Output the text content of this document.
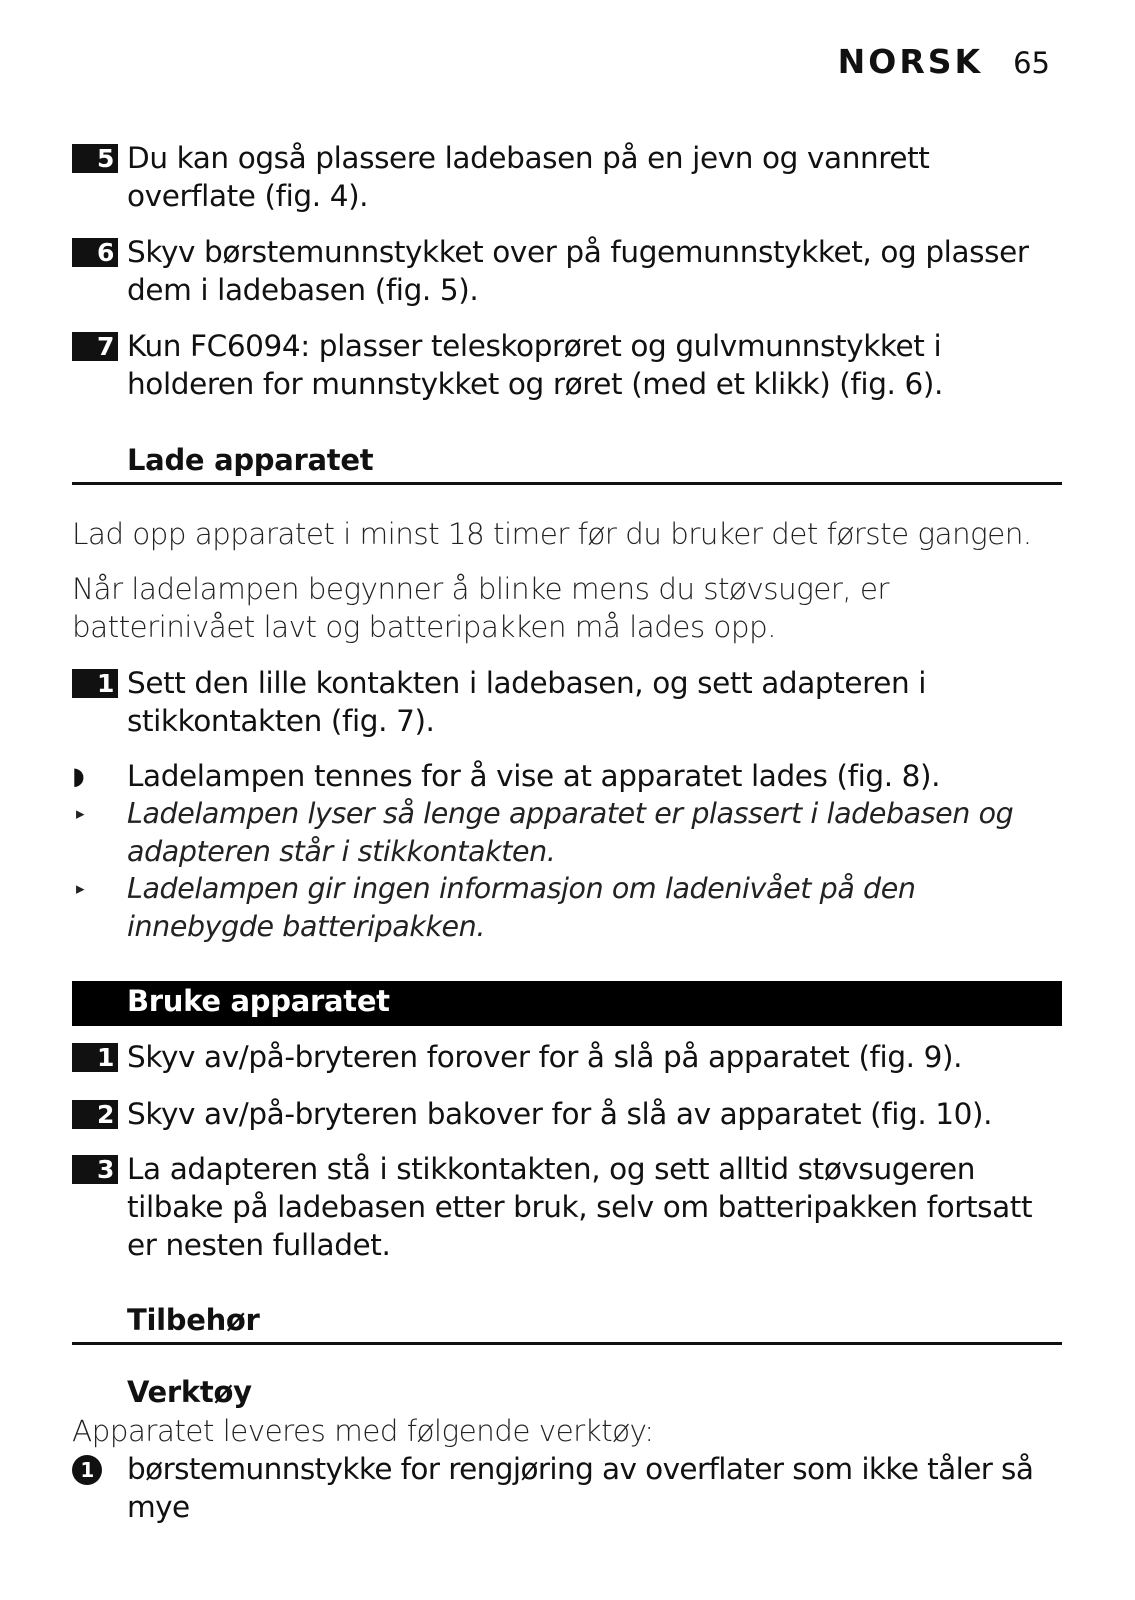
NORSK 65
5 Du kan også plassere ladebasen på en jevn og vannrett overflate (fig. 4).
6 Skyv børstemunnstykket over på fugemunnstykket, og plasser dem i ladebasen (fig. 5).
7 Kun FC6094: plasser teleskoprøret og gulvmunnstykket i holderen for munnstykket og røret (med et klikk) (fig. 6).
Lade apparatet
Lad opp apparatet i minst 18 timer før du bruker det første gangen.
Når ladelampen begynner å blinke mens du støvsuger, er batterinivået lavt og batteripakken må lades opp.
1 Sett den lille kontakten i ladebasen, og sett adapteren i stikkontakten (fig. 7).
◗ Ladelampen tennes for å vise at apparatet lades (fig. 8).
▸ Ladelampen lyser så lenge apparatet er plassert i ladebasen og adapteren står i stikkontakten.
▸ Ladelampen gir ingen informasjon om ladenivået på den innebygde batteripakken.
Bruke apparatet
1 Skyv av/på-bryteren forover for å slå på apparatet (fig. 9).
2 Skyv av/på-bryteren bakover for å slå av apparatet (fig. 10).
3 La adapteren stå i stikkontakten, og sett alltid støvsugeren tilbake på ladebasen etter bruk, selv om batteripakken fortsatt er nesten fulladet.
Tilbehør
Verktøy
Apparatet leveres med følgende verktøy:
1 børstemunnstykke for rengjøring av overflater som ikke tåler så mye
